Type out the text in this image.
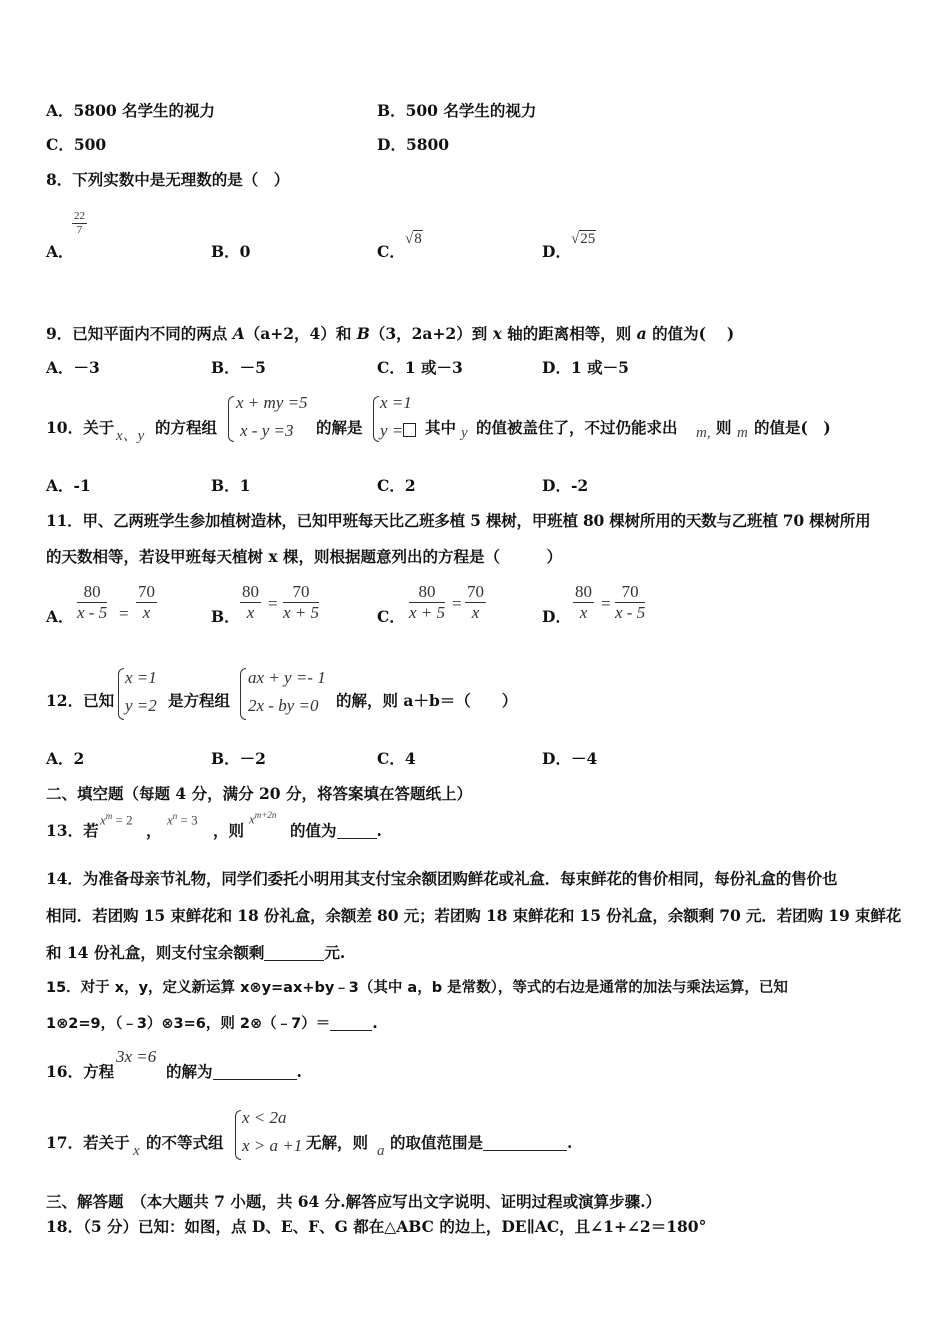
A．5800 名学生的视力	B．500 名学生的视力
C．500	D．5800
8．下列实数中是无理数的是（　）
A．
$\frac{22}{7}$
B．0	C．
√8
D．
√25
9．已知平面内不同的两点 A（a+2，4）和 B（3，2a+2）到 x 轴的距离相等，则 a 的值为(　 )
A．－3	B．－5	C．1 或－3	D．1 或－5
10．关于 x、y 的方程组
x + my =5
x - y =3 的解是
x =1
y =	其中 y 的值被盖住了，不过仍能求出 m, 则 m 的值是(　)
A．-1	B．1	C．2	D．-2
11．甲、乙两班学生参加植树造林，已知甲班每天比乙班多植 5 棵树，甲班植 80 棵树所用的天数与乙班植 70 棵树所用
的天数相等，若设甲班每天植树 x 棵，则根据题意列出的方程是（　　　）
A． $\frac{80}{x - 5} = \frac{70}{x}$	B． $\frac{80}{x} = \frac{70}{x + 5}$	C． $\frac{80}{x + 5} = \frac{70}{x}$	D． $\frac{80}{x} = \frac{70}{x - 5}$
12．已知
x =1
y =2 是方程组
ax + y =- 1
2x - by =0 的解，则 a＋b＝（　　）
A．2	B．－2	C．4	D．－4
二、填空题（每题 4 分，满分 20 分，将答案填在答题纸上）
13．若
$x^m = 2$
，
$x^n = 3$
，则
$x^{m+2n}$
的值为	.
14．为准备母亲节礼物，同学们委托小明用其支付宝余额团购鲜花或礼盒．每束鲜花的售价相同，每份礼盒的售价也
相同．若团购 15 束鲜花和 18 份礼盒，余额差 80 元；若团购 18 束鲜花和 15 份礼盒，余额剩 70 元．若团购 19 束鲜花
和 14 份礼盒，则支付宝余额剩	元.
15．对于 x，y，定义新运算 x⊗y=ax+by﹣3（其中 a，b 是常数），等式的右边是通常的加法与乘法运算，已知
1⊗2=9，（﹣3）⊗3=6，则 2⊗（﹣7）＝	.
16．方程
3x =6
的解为	.
17．若关于 x 的不等式组
x < 2a
x > a +1 无解，则 a 的取值范围是	.
三、解答题　（本大题共 7 小题，共 64 分.解答应写出文字说明、证明过程或演算步骤.）
18．（5 分）已知：如图，点 D、E、F、G 都在△ABC 的边上，DE∥AC，且∠1+∠2＝180°
